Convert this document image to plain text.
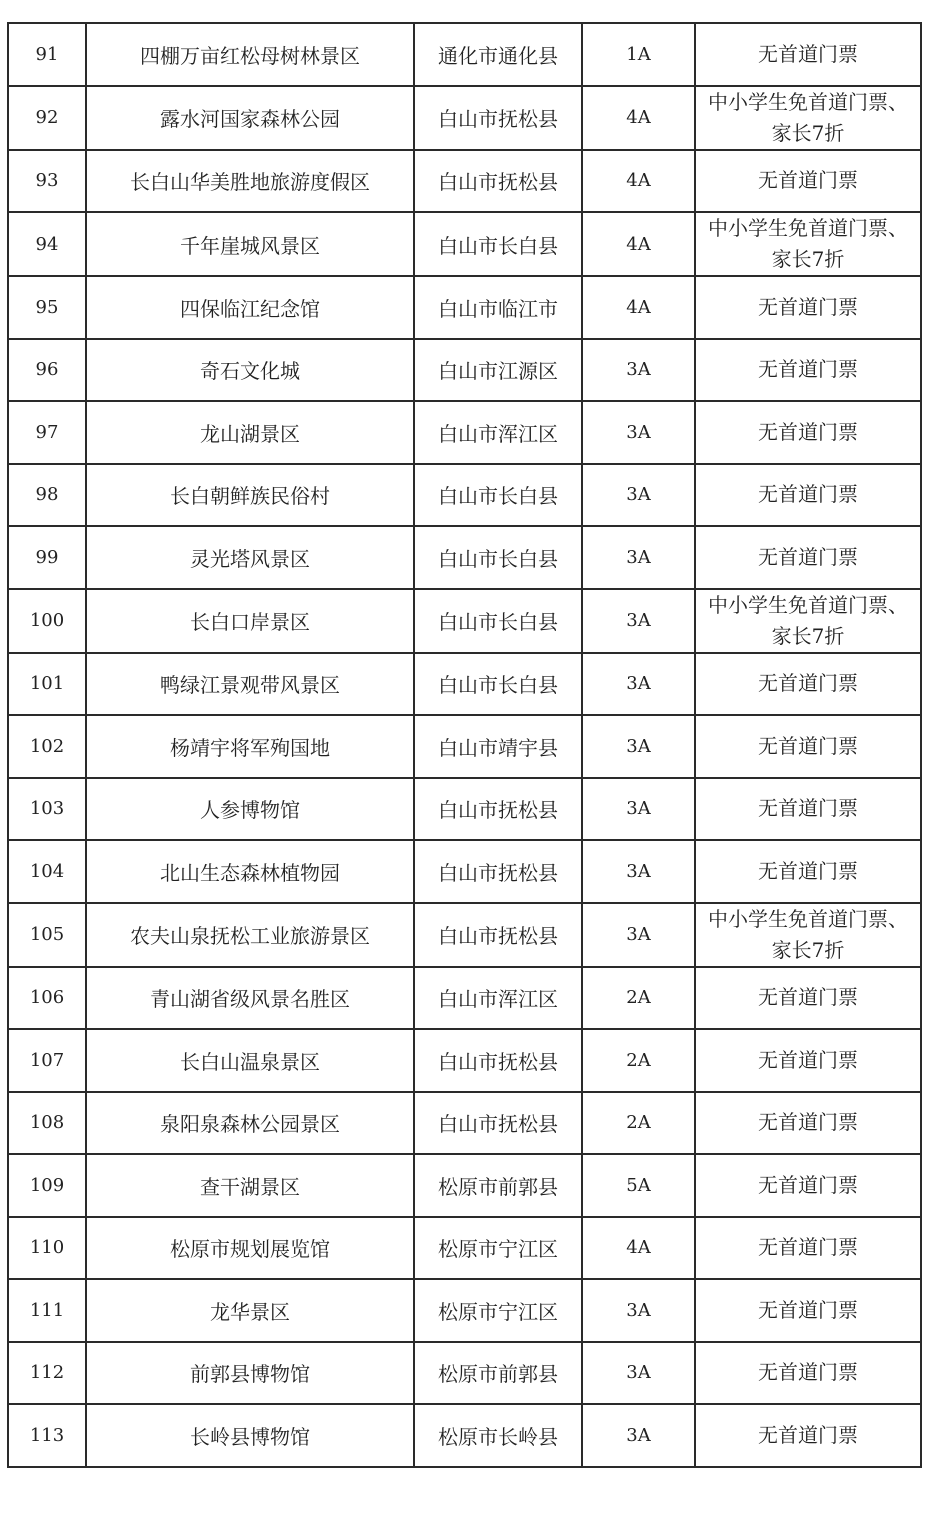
91	四棚万亩红松母树林景区	通化市通化县	1A	无首道门票

92	露水河国家森林公园	白山市抚松县	4A	中小学生免首道门票、
家长7折

93	长白山华美胜地旅游度假区	白山市抚松县	4A	无首道门票

94	千年崖城风景区	白山市长白县	4A	中小学生免首道门票、
家长7折

95	四保临江纪念馆	白山市临江市	4A	无首道门票

96	奇石文化城	白山市江源区	3A	无首道门票

97	龙山湖景区	白山市浑江区	3A	无首道门票

98	长白朝鲜族民俗村	白山市长白县	3A	无首道门票

99	灵光塔风景区	白山市长白县	3A	无首道门票

100	长白口岸景区	白山市长白县	3A	中小学生免首道门票、
家长7折

101	鸭绿江景观带风景区	白山市长白县	3A	无首道门票

102	杨靖宇将军殉国地	白山市靖宇县	3A	无首道门票

103	人参博物馆	白山市抚松县	3A	无首道门票

104	北山生态森林植物园	白山市抚松县	3A	无首道门票

105	农夫山泉抚松工业旅游景区	白山市抚松县	3A	中小学生免首道门票、
家长7折

106	青山湖省级风景名胜区	白山市浑江区	2A	无首道门票

107	长白山温泉景区	白山市抚松县	2A	无首道门票

108	泉阳泉森林公园景区	白山市抚松县	2A	无首道门票

109	查干湖景区	松原市前郭县	5A	无首道门票

110	松原市规划展览馆	松原市宁江区	4A	无首道门票

111	龙华景区	松原市宁江区	3A	无首道门票

112	前郭县博物馆	松原市前郭县	3A	无首道门票

113	长岭县博物馆	松原市长岭县	3A	无首道门票
